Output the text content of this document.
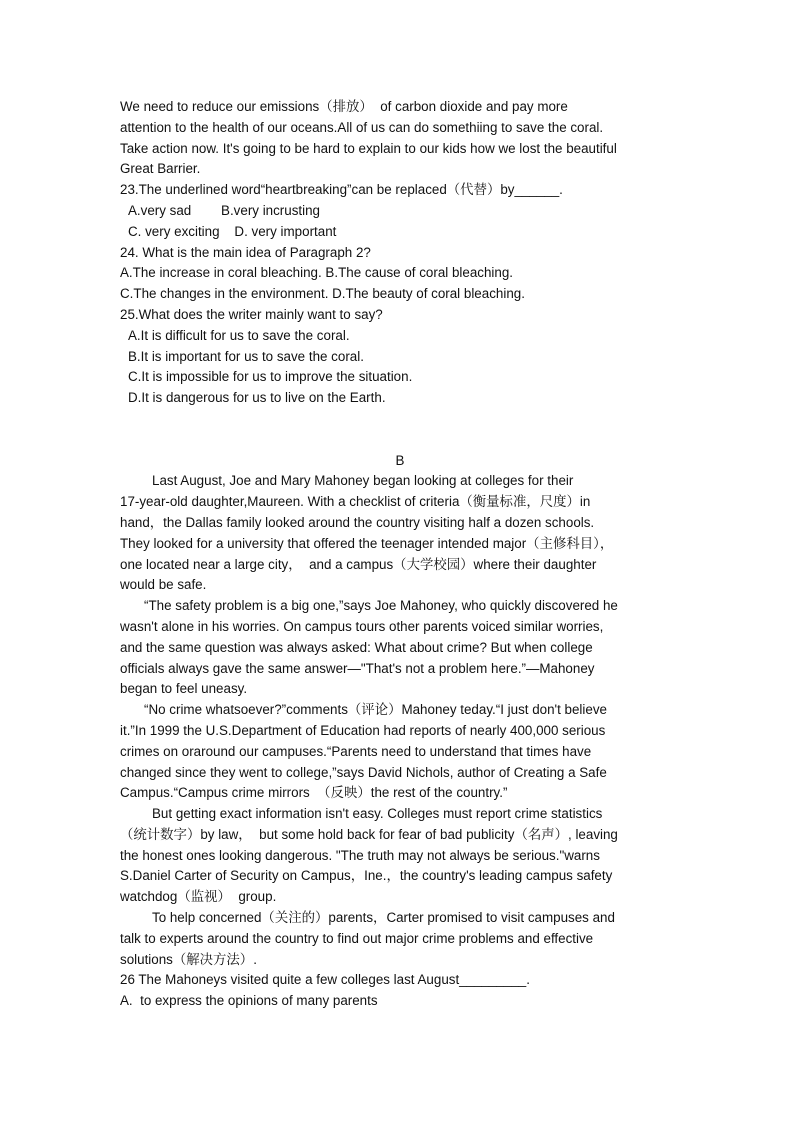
We need to reduce our emissions（排放）  of carbon dioxide and pay more
attention to the health of our oceans.All of us can do somethiing to save the coral.
Take action now. It's going to be hard to explain to our kids how we lost the beautiful
Great Barrier.
23.The underlined word“heartbreaking”can be replaced（代替）by______.
A.very sad        B.very incrusting
C. very exciting    D. very important
24. What is the main idea of Paragraph 2?
A.The increase in coral bleaching. B.The cause of coral bleaching.
C.The changes in the environment. D.The beauty of coral bleaching.
25.What does the writer mainly want to say?
A.It is difficult for us to save the coral.
B.It is important for us to save the coral.
C.It is impossible for us to improve the situation.
D.It is dangerous for us to live on the Earth.
B
Last August, Joe and Mary Mahoney began looking at colleges for their
17-year-old daughter,Maureen. With a checklist of criteria（衡量标准，尺度）in
hand，the Dallas family looked around the country visiting half a dozen schools.
They looked for a university that offered the teenager intended major（主修科目），
one located near a large city，  and a campus（大学校园）where their daughter
would be safe.
“The safety problem is a big one,”says Joe Mahoney, who quickly discovered he
wasn't alone in his worries. On campus tours other parents voiced similar worries,
and the same question was always asked: What about crime? But when college
officials always gave the same answer—"That's not a problem here.”—Mahoney
began to feel uneasy.
“No crime whatsoever?”comments（评论）Mahoney teday.“I just don't believe
it.”In 1999 the U.S.Department of Education had reports of nearly 400,000 serious
crimes on oraround our campuses.“Parents need to understand that times have
changed since they went to college,”says David Nichols, author of Creating a Safe
Campus.“Campus crime mirrors  （反映）the rest of the country.”
But getting exact information isn't easy. Colleges must report crime statistics
（统计数字）by law，  but some hold back for fear of bad publicity（名声）, leaving
the honest ones looking dangerous. "The truth may not always be serious."warns
S.Daniel Carter of Security on Campus，Ine.，the country's leading campus safety
watchdog（监视）  group.
To help concerned（关注的）parents，Carter promised to visit campuses and
talk to experts around the country to find out major crime problems and effective
solutions（解决方法）.
26 The Mahoneys visited quite a few colleges last August_________.
A.  to express the opinions of many parents
